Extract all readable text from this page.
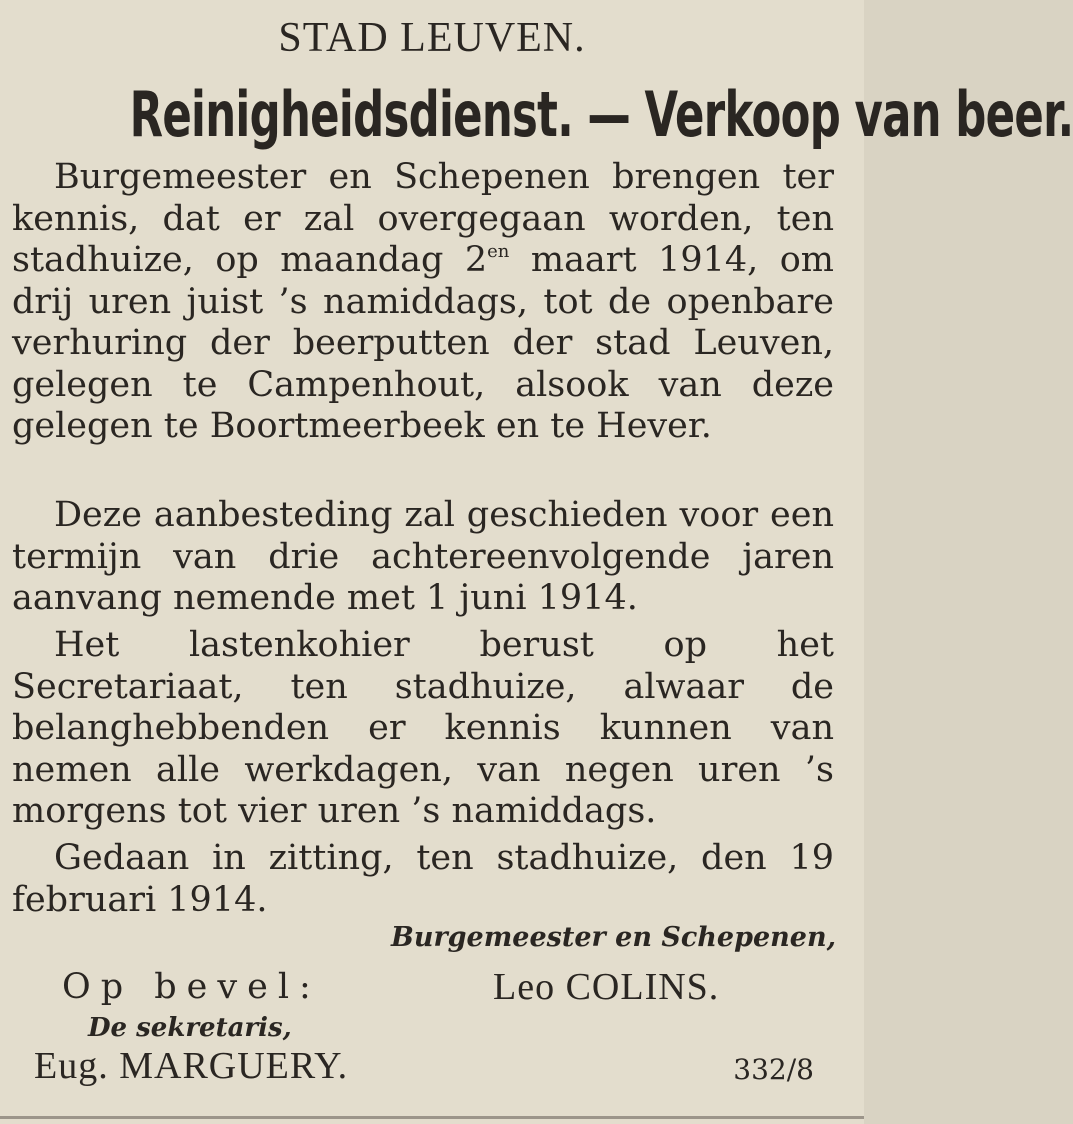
STAD LEUVEN.
Reinigheidsdienst. — Verkoop van beer.

Burgemeester en Schepenen brengen ter kennis, dat er zal overgegaan worden, ten stadhuize, op maandag $2^{en}$ maart 1914, om drij uren juist ’s namiddags, tot de openbare verhuring der beerputten der stad Leuven, gelegen te Campenhout, alsook van deze gelegen te Boortmeerbeek en te Hever.

Deze aanbesteding zal geschieden voor een termijn van drie achtereenvolgende jaren aanvang nemende met 1 juni 1914.

Het lastenkohier berust op het Secretariaat, ten stadhuize, alwaar de belanghebbenden er kennis kunnen van nemen alle werkdagen, van negen uren ’s morgens tot vier uren ’s namiddags.

Gedaan in zitting, ten stadhuize, den 19 februari 1914.

Burgemeester en Schepenen,
Leo COLINS.
Op bevel:
De sekretaris,
Eug. MARGUERY.	332/8
